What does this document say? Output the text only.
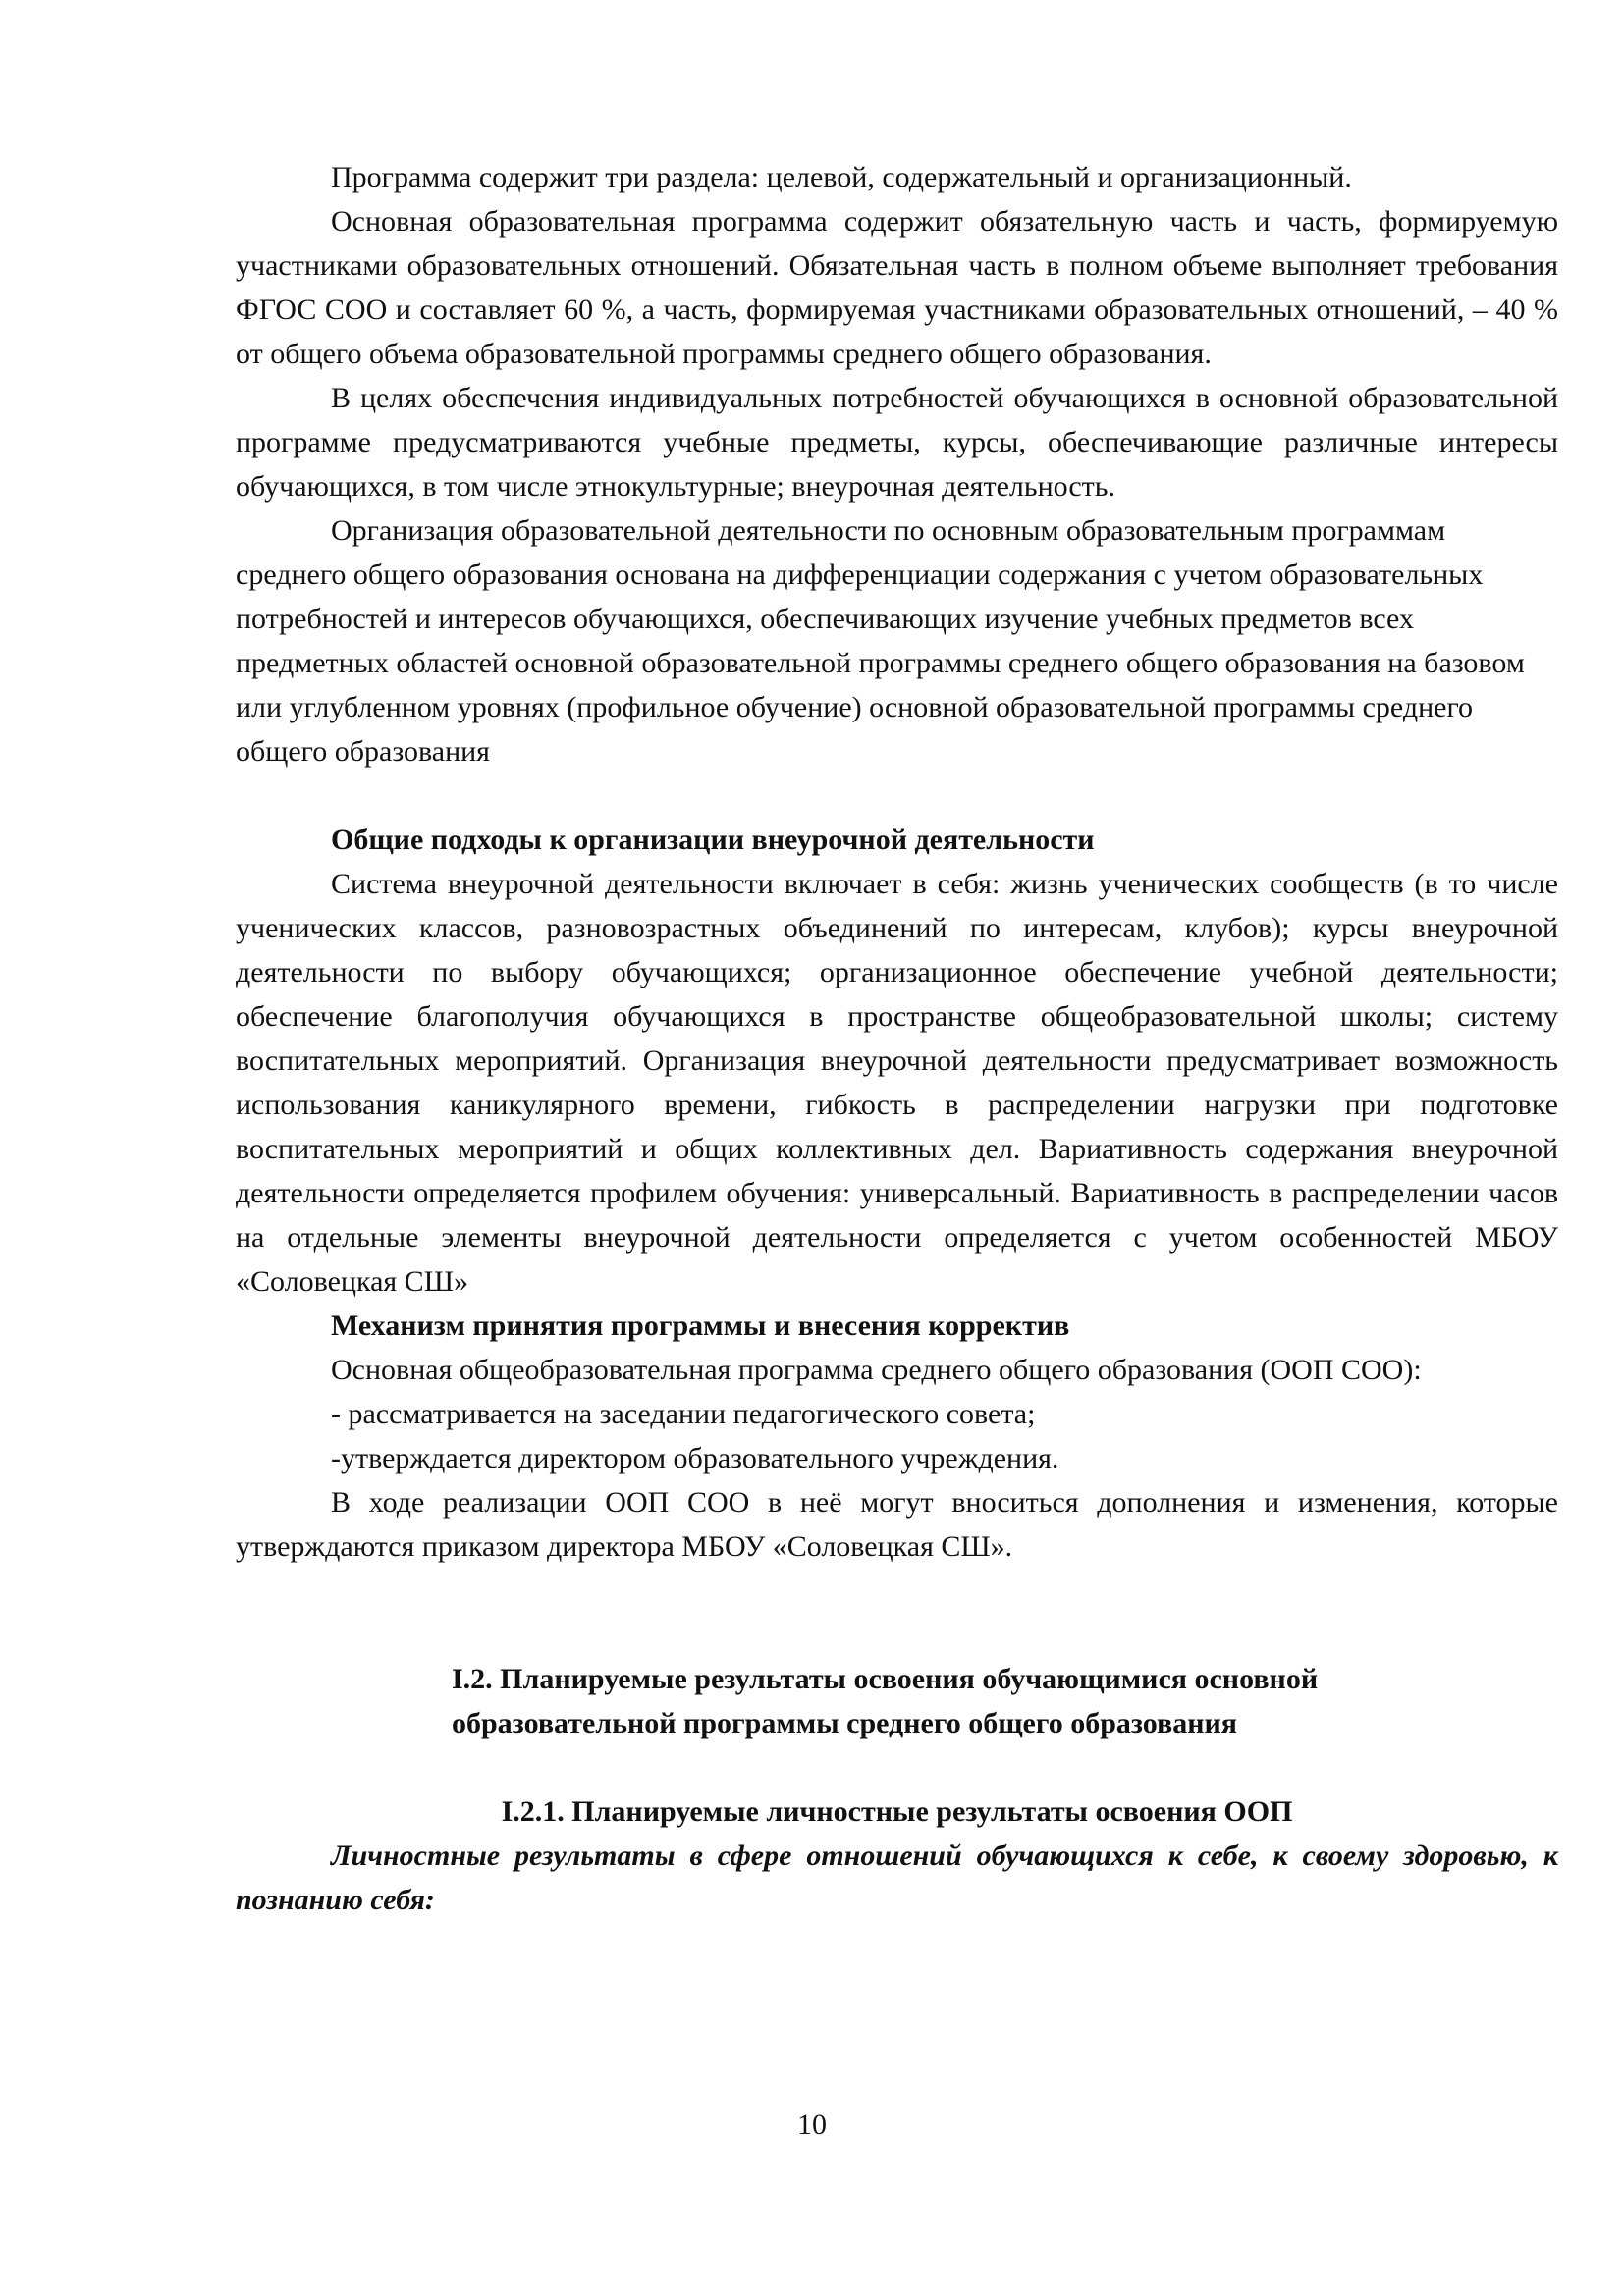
Программа содержит три раздела: целевой, содержательный и организационный.

Основная образовательная программа содержит обязательную часть и часть, формируемую участниками образовательных отношений. Обязательная часть в полном объеме выполняет требования ФГОС СОО и составляет 60 %, а часть, формируемая участниками образовательных отношений, – 40 % от общего объема образовательной программы среднего общего образования.

В целях обеспечения индивидуальных потребностей обучающихся в основной образовательной программе предусматриваются учебные предметы, курсы, обеспечивающие различные интересы обучающихся, в том числе этнокультурные; внеурочная деятельность.

Организация образовательной деятельности по основным образовательным программам среднего общего образования основана на дифференциации содержания с учетом образовательных потребностей и интересов обучающихся, обеспечивающих изучение учебных предметов всех предметных областей основной образовательной программы среднего общего образования на базовом или углубленном уровнях (профильное обучение) основной образовательной программы среднего общего образования

Общие подходы к организации внеурочной деятельности

Система внеурочной деятельности включает в себя: жизнь ученических сообществ (в то числе ученических классов, разновозрастных объединений по интересам, клубов); курсы внеурочной деятельности по выбору обучающихся; организационное обеспечение учебной деятельности; обеспечение благополучия обучающихся в пространстве общеобразовательной школы; систему воспитательных мероприятий. Организация внеурочной деятельности предусматривает возможность использования каникулярного времени, гибкость в распределении нагрузки при подготовке воспитательных мероприятий и общих коллективных дел. Вариативность содержания внеурочной деятельности определяется профилем обучения: универсальный. Вариативность в распределении часов на отдельные элементы внеурочной деятельности определяется с учетом особенностей МБОУ «Соловецкая СШ»

Механизм принятия программы и внесения корректив

Основная общеобразовательная программа среднего общего образования (ООП СОО):

- рассматривается на заседании педагогического совета;

-утверждается директором образовательного учреждения.

В ходе реализации ООП СОО в неё могут вноситься дополнения и изменения, которые утверждаются приказом директора МБОУ «Соловецкая СШ».

I.2. Планируемые результаты освоения обучающимися основной
образовательной программы среднего общего образования

I.2.1. Планируемые личностные результаты освоения ООП

Личностные результаты в сфере отношений обучающихся к себе, к своему здоровью, к познанию себя:

10
